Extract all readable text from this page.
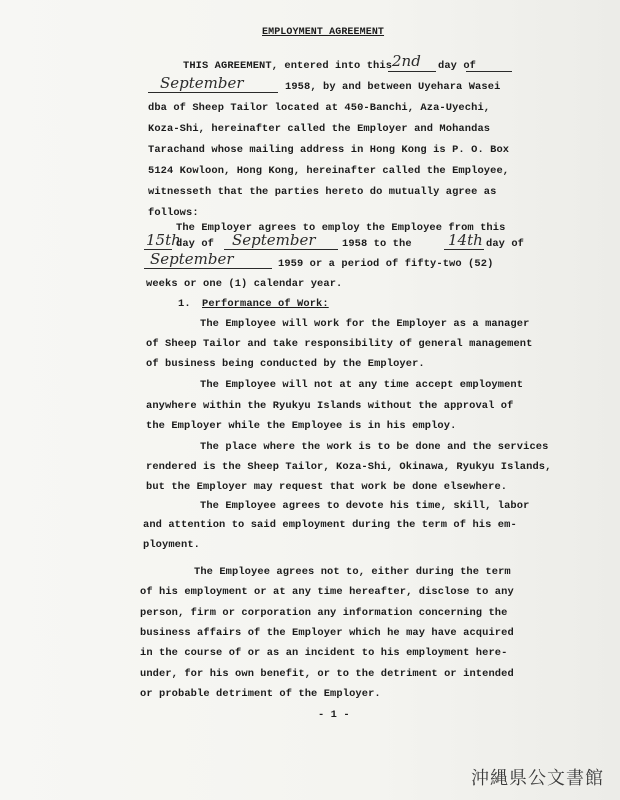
EMPLOYMENT AGREEMENT
THIS AGREEMENT, entered into this 2nd day of
September	1958, by and between Uyehara Wasei
dba of Sheep Tailor located at 450-Banchi, Aza-Uyechi,
Koza-Shi, hereinafter called the Employer and Mohandas
Tarachand whose mailing address in Hong Kong is P. O. Box
5124 Kowloon, Hong Kong, hereinafter called the Employee,
witnesseth that the parties hereto do mutually agree as
follows:
The Employer agrees to employ the Employee from this
15th
day of September	1958 to the 14th day of
September	1959 or a period of fifty-two (52)
weeks or one (1) calendar year.
1. Performance of Work:
The Employee will work for the Employer as a manager
of Sheep Tailor and take responsibility of general management
of business being conducted by the Employer.
The Employee will not at any time accept employment
anywhere within the Ryukyu Islands without the approval of
the Employer while the Employee is in his employ.
The place where the work is to be done and the services
rendered is the Sheep Tailor, Koza-Shi, Okinawa, Ryukyu Islands,
but the Employer may request that work be done elsewhere.
The Employee agrees to devote his time, skill, labor
and attention to said employment during the term of his em-
ployment.
The Employee agrees not to, either during the term
of his employment or at any time hereafter, disclose to any
person, firm or corporation any information concerning the
business affairs of the Employer which he may have acquired
in the course of or as an incident to his employment here-
under, for his own benefit, or to the detriment or intended
or probable detriment of the Employer.
- 1 -
沖縄県公文書館
